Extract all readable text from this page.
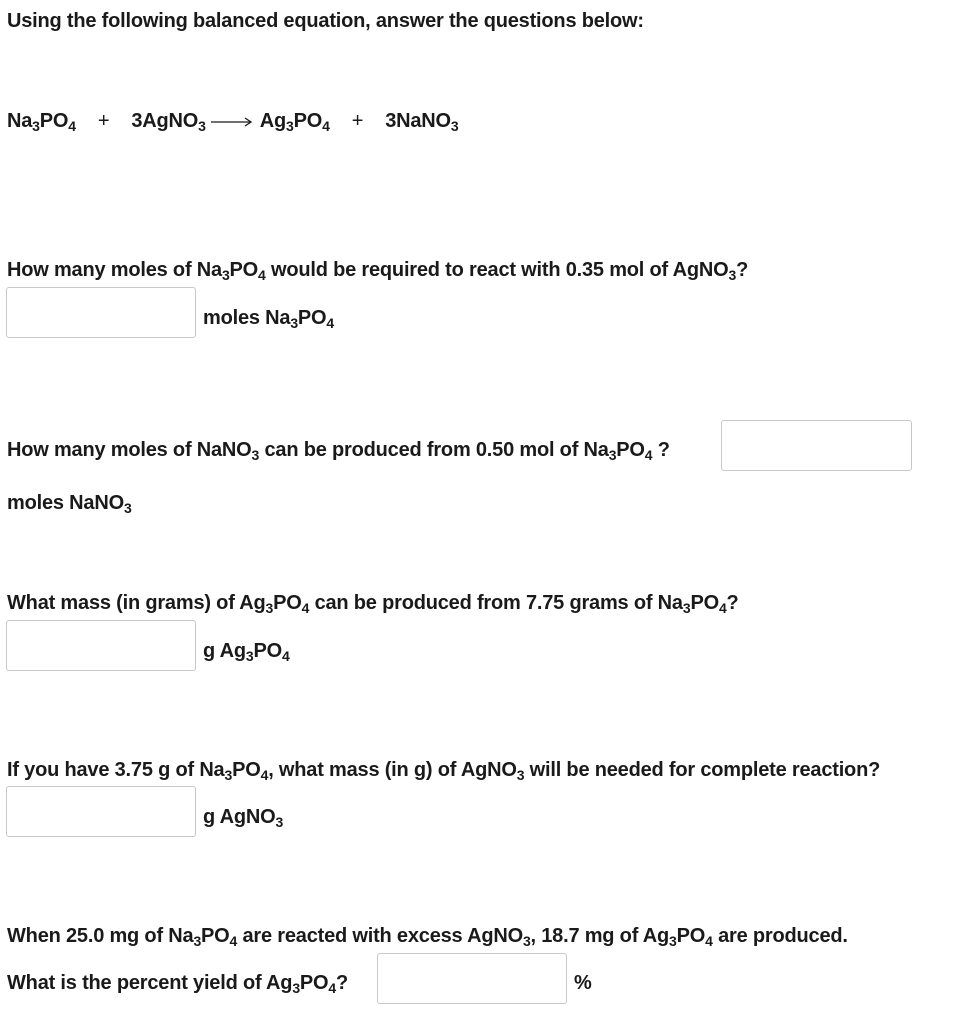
Using the following balanced equation, answer the questions below:
$Na_3PO_4$ + 3AgNO$_3$ → $Ag_3PO_4$ + 3NaNO$_3$
How many moles of $Na_3PO_4$ would be required to react with 0.35 mol of AgNO$_3$?
moles $Na_3PO_4$
How many moles of NaNO$_3$ can be produced from 0.50 mol of $Na_3PO_4$ ?
moles NaNO$_3$
What mass (in grams) of $Ag_3PO_4$ can be produced from 7.75 grams of $Na_3PO_4$?
g $Ag_3PO_4$
If you have 3.75 g of $Na_3PO_4$, what mass (in g) of AgNO$_3$ will be needed for complete reaction?
g AgNO$_3$
When 25.0 mg of $Na_3PO_4$ are reacted with excess AgNO$_3$, 18.7 mg of $Ag_3PO_4$ are produced.
What is the percent yield of $Ag_3PO_4$?	%
